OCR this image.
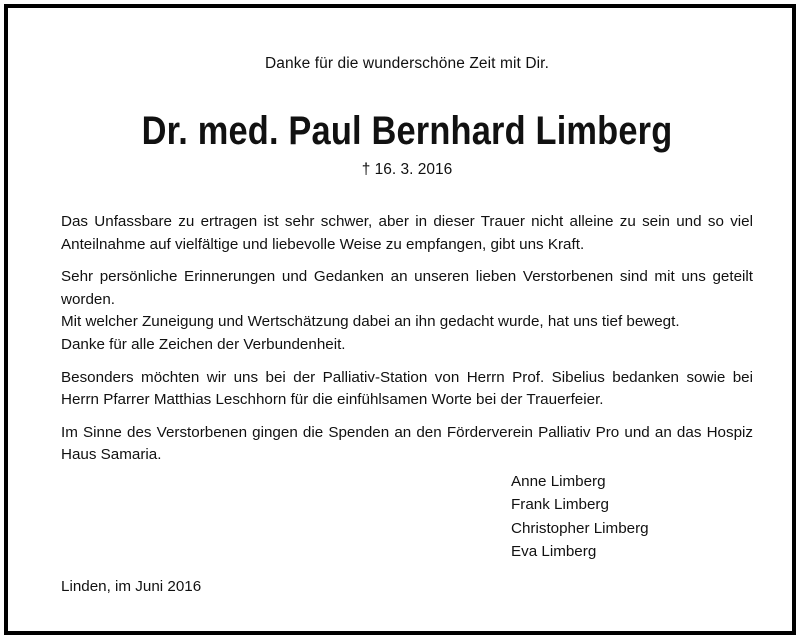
Danke für die wunderschöne Zeit mit Dir.
Dr. med. Paul Bernhard Limberg
† 16. 3. 2016

Das Unfassbare zu ertragen ist sehr schwer, aber in dieser Trauer nicht alleine zu sein und so viel Anteilnahme auf vielfältige und liebevolle Weise zu empfangen, gibt uns Kraft.

Sehr persönliche Erinnerungen und Gedanken an unseren lieben Verstorbenen sind mit uns geteilt worden.

Mit welcher Zuneigung und Wertschätzung dabei an ihn gedacht wurde, hat uns tief bewegt.

Danke für alle Zeichen der Verbundenheit.

Besonders möchten wir uns bei der Palliativ-Station von Herrn Prof. Sibelius bedanken sowie bei Herrn Pfarrer Matthias Leschhorn für die einfühlsamen Worte bei der Trauerfeier.

Im Sinne des Verstorbenen gingen die Spenden an den Förderverein Palliativ Pro und an das Hospiz Haus Samaria.

Anne Limberg
Frank Limberg
Christopher Limberg
Eva Limberg
Linden, im Juni 2016
